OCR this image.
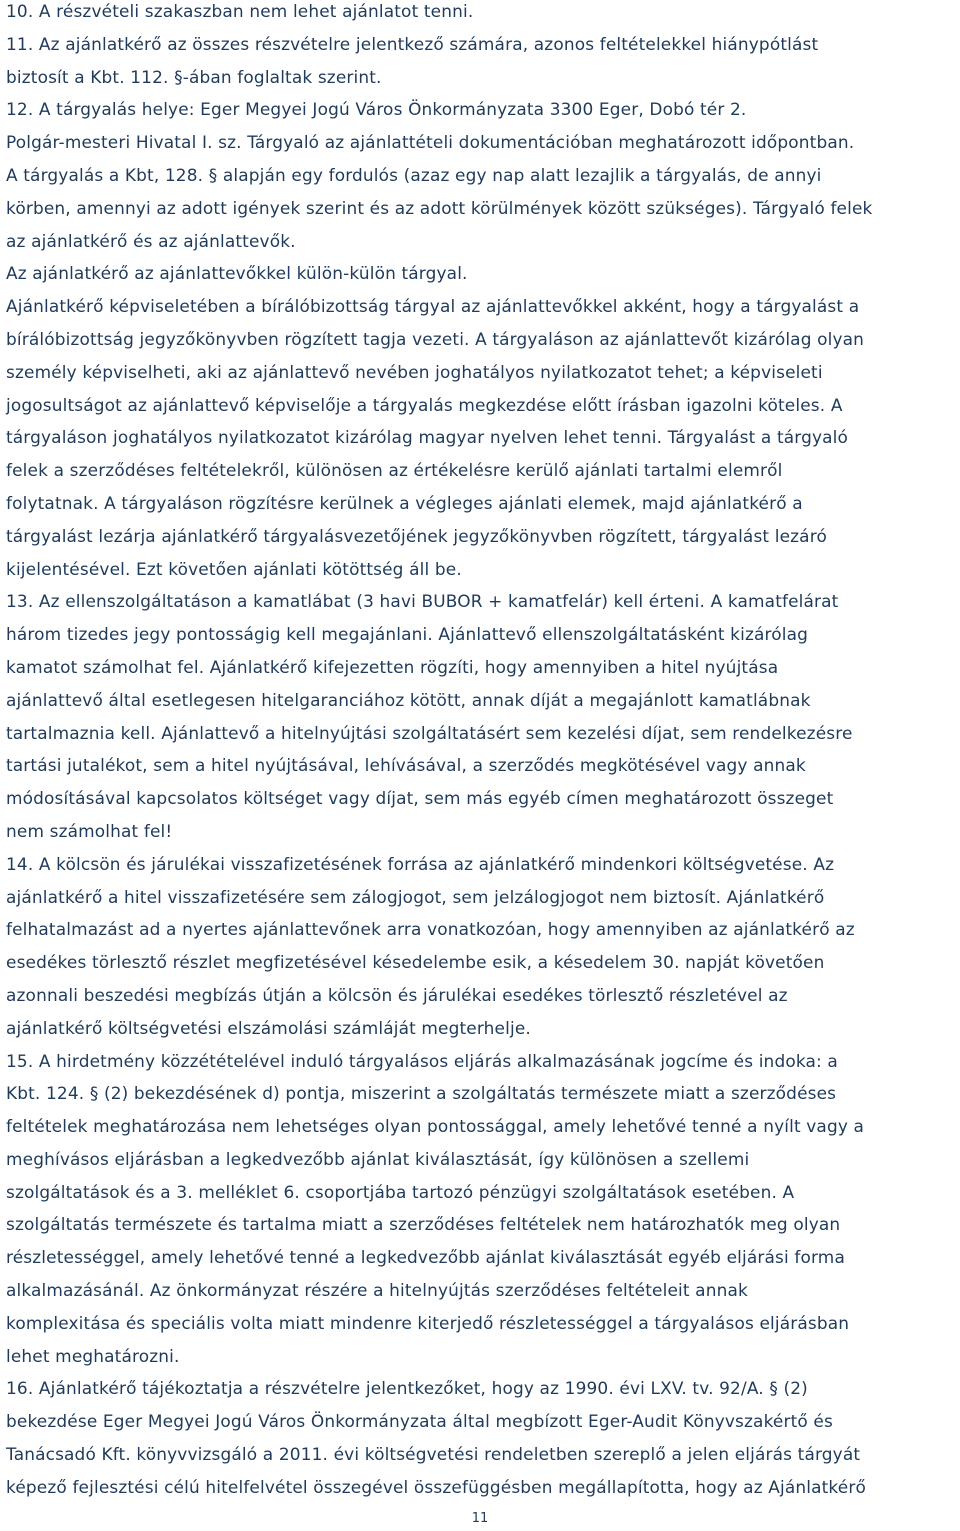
10. A részvételi szakaszban nem lehet ajánlatot tenni.
11. Az ajánlatkérő az összes részvételre jelentkező számára, azonos feltételekkel hiánypótlást
biztosít a Kbt. 112. §-ában foglaltak szerint.
12. A tárgyalás helye: Eger Megyei Jogú Város Önkormányzata 3300 Eger, Dobó tér 2.
Polgár-mesteri Hivatal I. sz. Tárgyaló az ajánlattételi dokumentációban meghatározott időpontban.
A tárgyalás a Kbt, 128. § alapján egy fordulós (azaz egy nap alatt lezajlik a tárgyalás, de annyi
körben, amennyi az adott igények szerint és az adott körülmények között szükséges). Tárgyaló felek
az ajánlatkérő és az ajánlattevők.
Az ajánlatkérő az ajánlattevőkkel külön-külön tárgyal.
Ajánlatkérő képviseletében a bírálóbizottság tárgyal az ajánlattevőkkel akként, hogy a tárgyalást a
bírálóbizottság jegyzőkönyvben rögzített tagja vezeti. A tárgyaláson az ajánlattevőt kizárólag olyan
személy képviselheti, aki az ajánlattevő nevében joghatályos nyilatkozatot tehet; a képviseleti
jogosultságot az ajánlattevő képviselője a tárgyalás megkezdése előtt írásban igazolni köteles. A
tárgyaláson joghatályos nyilatkozatot kizárólag magyar nyelven lehet tenni. Tárgyalást a tárgyaló
felek a szerződéses feltételekről, különösen az értékelésre kerülő ajánlati tartalmi elemről
folytatnak. A tárgyaláson rögzítésre kerülnek a végleges ajánlati elemek, majd ajánlatkérő a
tárgyalást lezárja ajánlatkérő tárgyalásvezetőjének jegyzőkönyvben rögzített, tárgyalást lezáró
kijelentésével. Ezt követően ajánlati kötöttség áll be.
13. Az ellenszolgáltatáson a kamatlábat (3 havi BUBOR + kamatfelár) kell érteni. A kamatfelárat
három tizedes jegy pontosságig kell megajánlani. Ajánlattevő ellenszolgáltatásként kizárólag
kamatot számolhat fel. Ajánlatkérő kifejezetten rögzíti, hogy amennyiben a hitel nyújtása
ajánlattevő által esetlegesen hitelgaranciához kötött, annak díját a megajánlott kamatlábnak
tartalmaznia kell. Ajánlattevő a hitelnyújtási szolgáltatásért sem kezelési díjat, sem rendelkezésre
tartási jutalékot, sem a hitel nyújtásával, lehívásával, a szerződés megkötésével vagy annak
módosításával kapcsolatos költséget vagy díjat, sem más egyéb címen meghatározott összeget
nem számolhat fel!
14. A kölcsön és járulékai visszafizetésének forrása az ajánlatkérő mindenkori költségvetése. Az
ajánlatkérő a hitel visszafizetésére sem zálogjogot, sem jelzálogjogot nem biztosít. Ajánlatkérő
felhatalmazást ad a nyertes ajánlattevőnek arra vonatkozóan, hogy amennyiben az ajánlatkérő az
esedékes törlesztő részlet megfizetésével késedelembe esik, a késedelem 30. napját követően
azonnali beszedési megbízás útján a kölcsön és járulékai esedékes törlesztő részletével az
ajánlatkérő költségvetési elszámolási számláját megterhelje.
15. A hirdetmény közzétételével induló tárgyalásos eljárás alkalmazásának jogcíme és indoka: a
Kbt. 124. § (2) bekezdésének d) pontja, miszerint a szolgáltatás természete miatt a szerződéses
feltételek meghatározása nem lehetséges olyan pontossággal, amely lehetővé tenné a nyílt vagy a
meghívásos eljárásban a legkedvezőbb ajánlat kiválasztását, így különösen a szellemi
szolgáltatások és a 3. melléklet 6. csoportjába tartozó pénzügyi szolgáltatások esetében. A
szolgáltatás természete és tartalma miatt a szerződéses feltételek nem határozhatók meg olyan
részletességgel, amely lehetővé tenné a legkedvezőbb ajánlat kiválasztását egyéb eljárási forma
alkalmazásánál. Az önkormányzat részére a hitelnyújtás szerződéses feltételeit annak
komplexitása és speciális volta miatt mindenre kiterjedő részletességgel a tárgyalásos eljárásban
lehet meghatározni.
16. Ajánlatkérő tájékoztatja a részvételre jelentkezőket, hogy az 1990. évi LXV. tv. 92/A. § (2)
bekezdése Eger Megyei Jogú Város Önkormányzata által megbízott Eger-Audit Könyvszakértő és
Tanácsadó Kft. könyvvizsgáló a 2011. évi költségvetési rendeletben szereplő a jelen eljárás tárgyát
képező fejlesztési célú hitelfelvétel összegével összefüggésben megállapította, hogy az Ajánlatkérő
11
